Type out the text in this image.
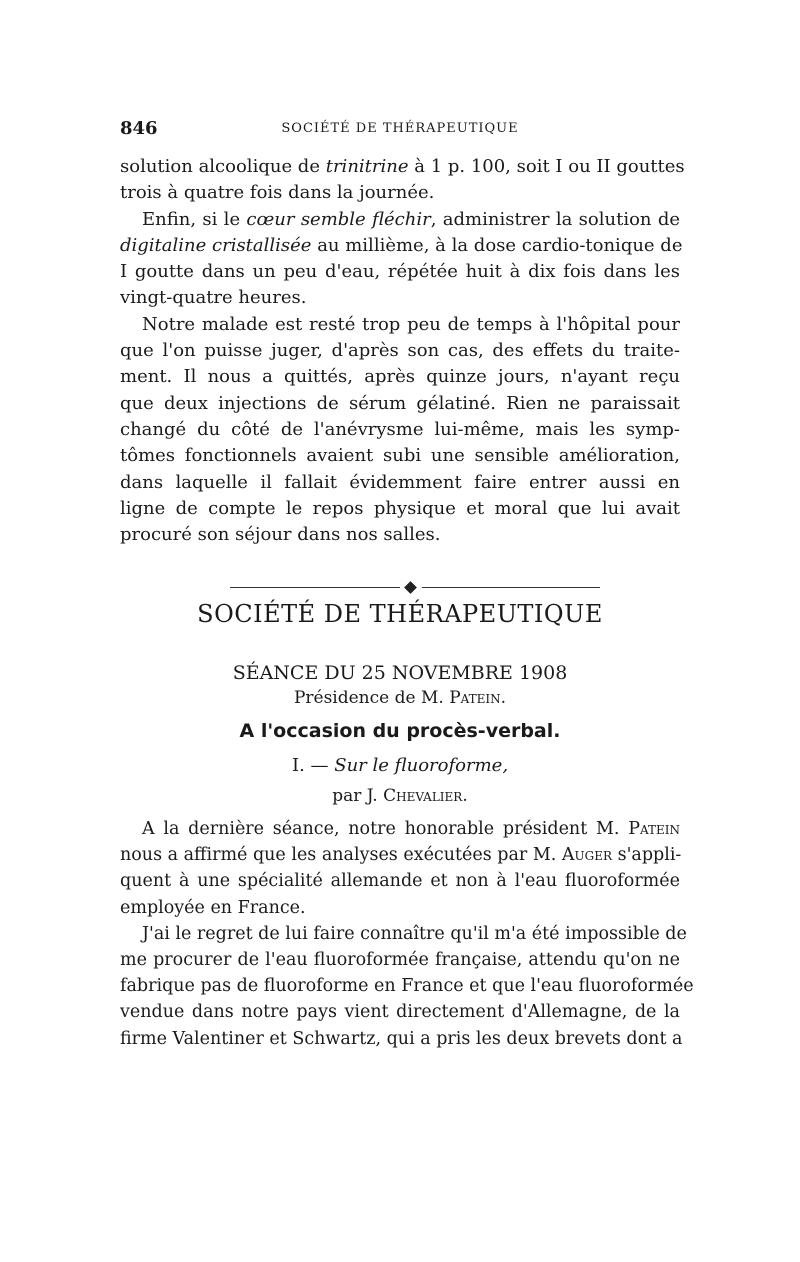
846	SOCIÉTÉ DE THÉRAPEUTIQUE

solution alcoolique de trinitrine à 1 p. 100, soit I ou II gouttes
trois à quatre fois dans la journée.

Enfin, si le cœur semble fléchir, administrer la solution de
digitaline cristallisée au millième, à la dose cardio-tonique de
I goutte dans un peu d'eau, répétée huit à dix fois dans les
vingt-quatre heures.

Notre malade est resté trop peu de temps à l'hôpital pour
que l'on puisse juger, d'après son cas, des effets du traite-
ment. Il nous a quittés, après quinze jours, n'ayant reçu
que deux injections de sérum gélatiné. Rien ne paraissait
changé du côté de l'anévrysme lui-même, mais les symp-
tômes fonctionnels avaient subi une sensible amélioration,
dans laquelle il fallait évidemment faire entrer aussi en
ligne de compte le repos physique et moral que lui avait
procuré son séjour dans nos salles.

SOCIÉTÉ DE THÉRAPEUTIQUE
SÉANCE DU 25 NOVEMBRE 1908
Présidence de M. Patein.
A l'occasion du procès-verbal.
I. — Sur le fluoroforme,
par J. Chevalier.

A la dernière séance, notre honorable président M. Patein
nous a affirmé que les analyses exécutées par M. Auger s'appli-
quent à une spécialité allemande et non à l'eau fluoroformée
employée en France.

J'ai le regret de lui faire connaître qu'il m'a été impossible de
me procurer de l'eau fluoroformée française, attendu qu'on ne
fabrique pas de fluoroforme en France et que l'eau fluoroformée
vendue dans notre pays vient directement d'Allemagne, de la
firme Valentiner et Schwartz, qui a pris les deux brevets dont a
